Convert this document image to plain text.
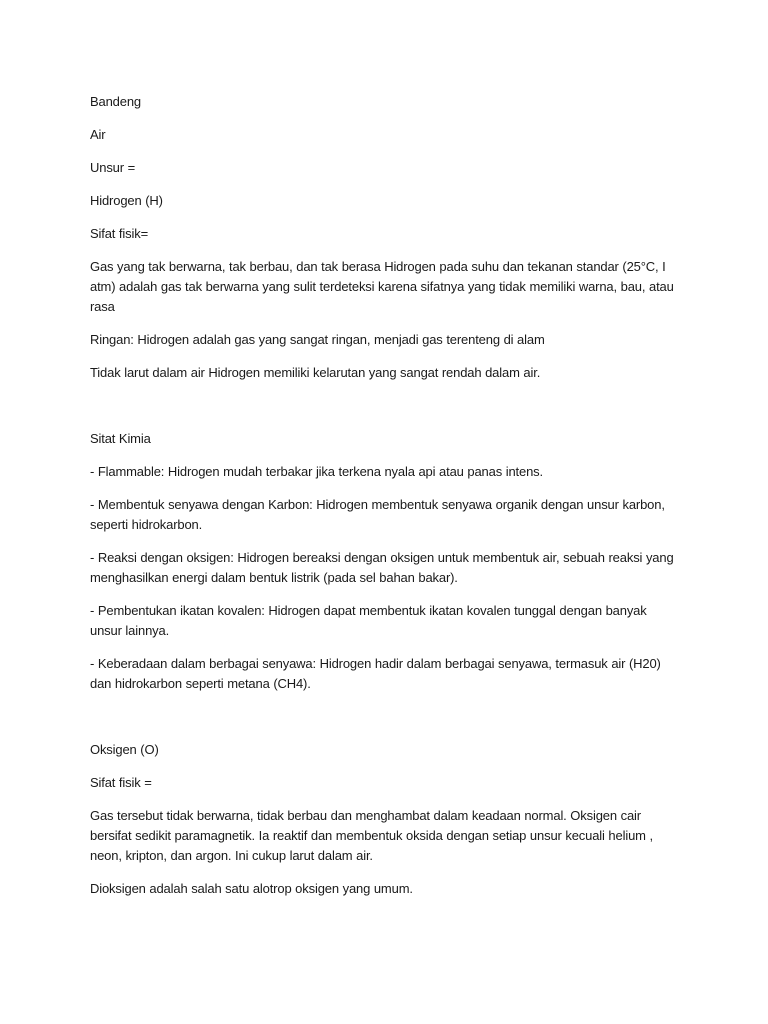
Bandeng

Air

Unsur =

Hidrogen (H)

Sifat fisik=

Gas yang tak berwarna, tak berbau, dan tak berasa Hidrogen pada suhu dan tekanan standar (25°C, I atm) adalah gas tak berwarna yang sulit terdeteksi karena sifatnya yang tidak memiliki warna, bau, atau rasa

Ringan: Hidrogen adalah gas yang sangat ringan, menjadi gas terenteng di alam

Tidak larut dalam air Hidrogen memiliki kelarutan yang sangat rendah dalam air.

Sitat Kimia

- Flammable: Hidrogen mudah terbakar jika terkena nyala api atau panas intens.

- Membentuk senyawa dengan Karbon: Hidrogen membentuk senyawa organik dengan unsur karbon, seperti hidrokarbon.

- Reaksi dengan oksigen: Hidrogen bereaksi dengan oksigen untuk membentuk air, sebuah reaksi yang menghasilkan energi dalam bentuk listrik (pada sel bahan bakar).

- Pembentukan ikatan kovalen: Hidrogen dapat membentuk ikatan kovalen tunggal dengan banyak unsur lainnya.

- Keberadaan dalam berbagai senyawa: Hidrogen hadir dalam berbagai senyawa, termasuk air (H20) dan hidrokarbon seperti metana (CH4).

Oksigen (O)

Sifat fisik =

Gas tersebut tidak berwarna, tidak berbau dan menghambat dalam keadaan normal. Oksigen cair bersifat sedikit paramagnetik. Ia reaktif dan membentuk oksida dengan setiap unsur kecuali helium , neon, kripton, dan argon. Ini cukup larut dalam air.

Dioksigen adalah salah satu alotrop oksigen yang umum.
